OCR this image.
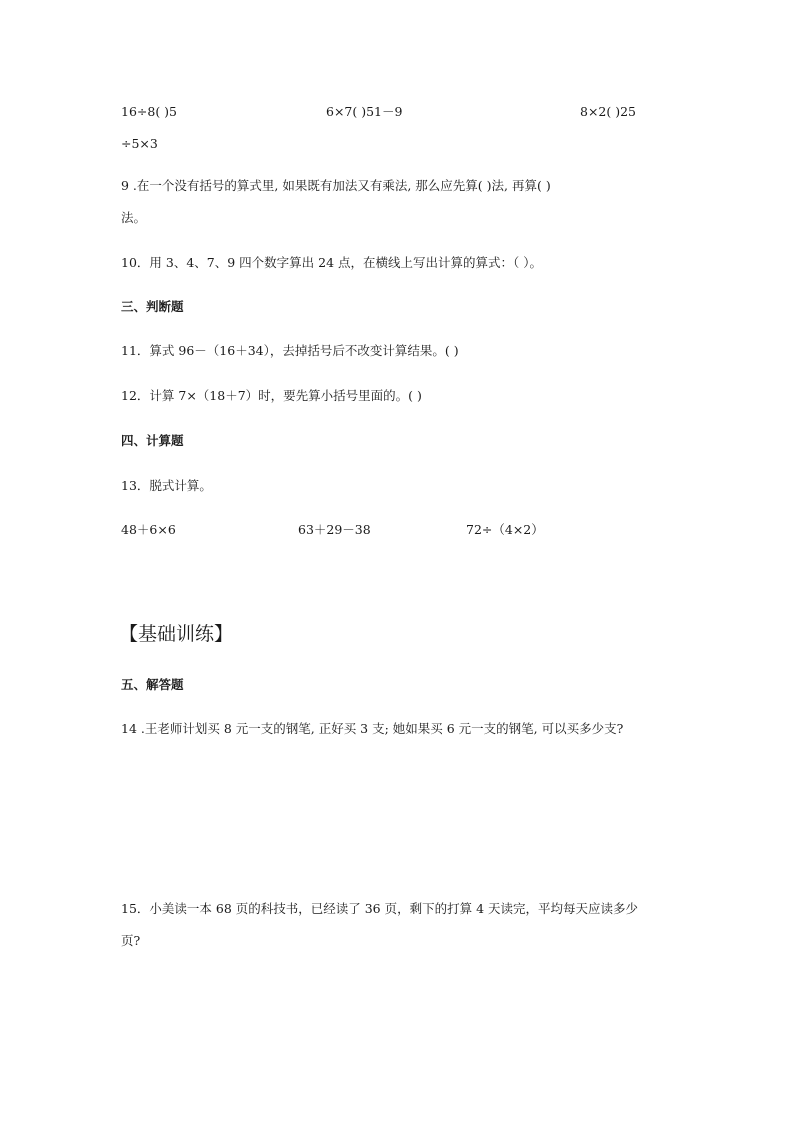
16÷8( )5	6×7( )51－9	8×2( )25
÷5×3
9 .在一个没有括号的算式里, 如果既有加法又有乘法, 那么应先算( )法, 再算( )
法。
10．用 3、4、7、9 四个数字算出 24 点，在横线上写出计算的算式：（ ）。
三、判断题
11．算式 96－（16＋34），去掉括号后不改变计算结果。( )
12．计算 7×（18＋7）时，要先算小括号里面的。( )
四、计算题
13．脱式计算。
48＋6×6	63＋29－38	72÷（4×2）
【基础训练】
五、解答题
14 .王老师计划买 8 元一支的钢笔, 正好买 3 支; 她如果买 6 元一支的钢笔, 可以买多少支?
15．小美读一本 68 页的科技书，已经读了 36 页，剩下的打算 4 天读完，平均每天应读多少
页?
